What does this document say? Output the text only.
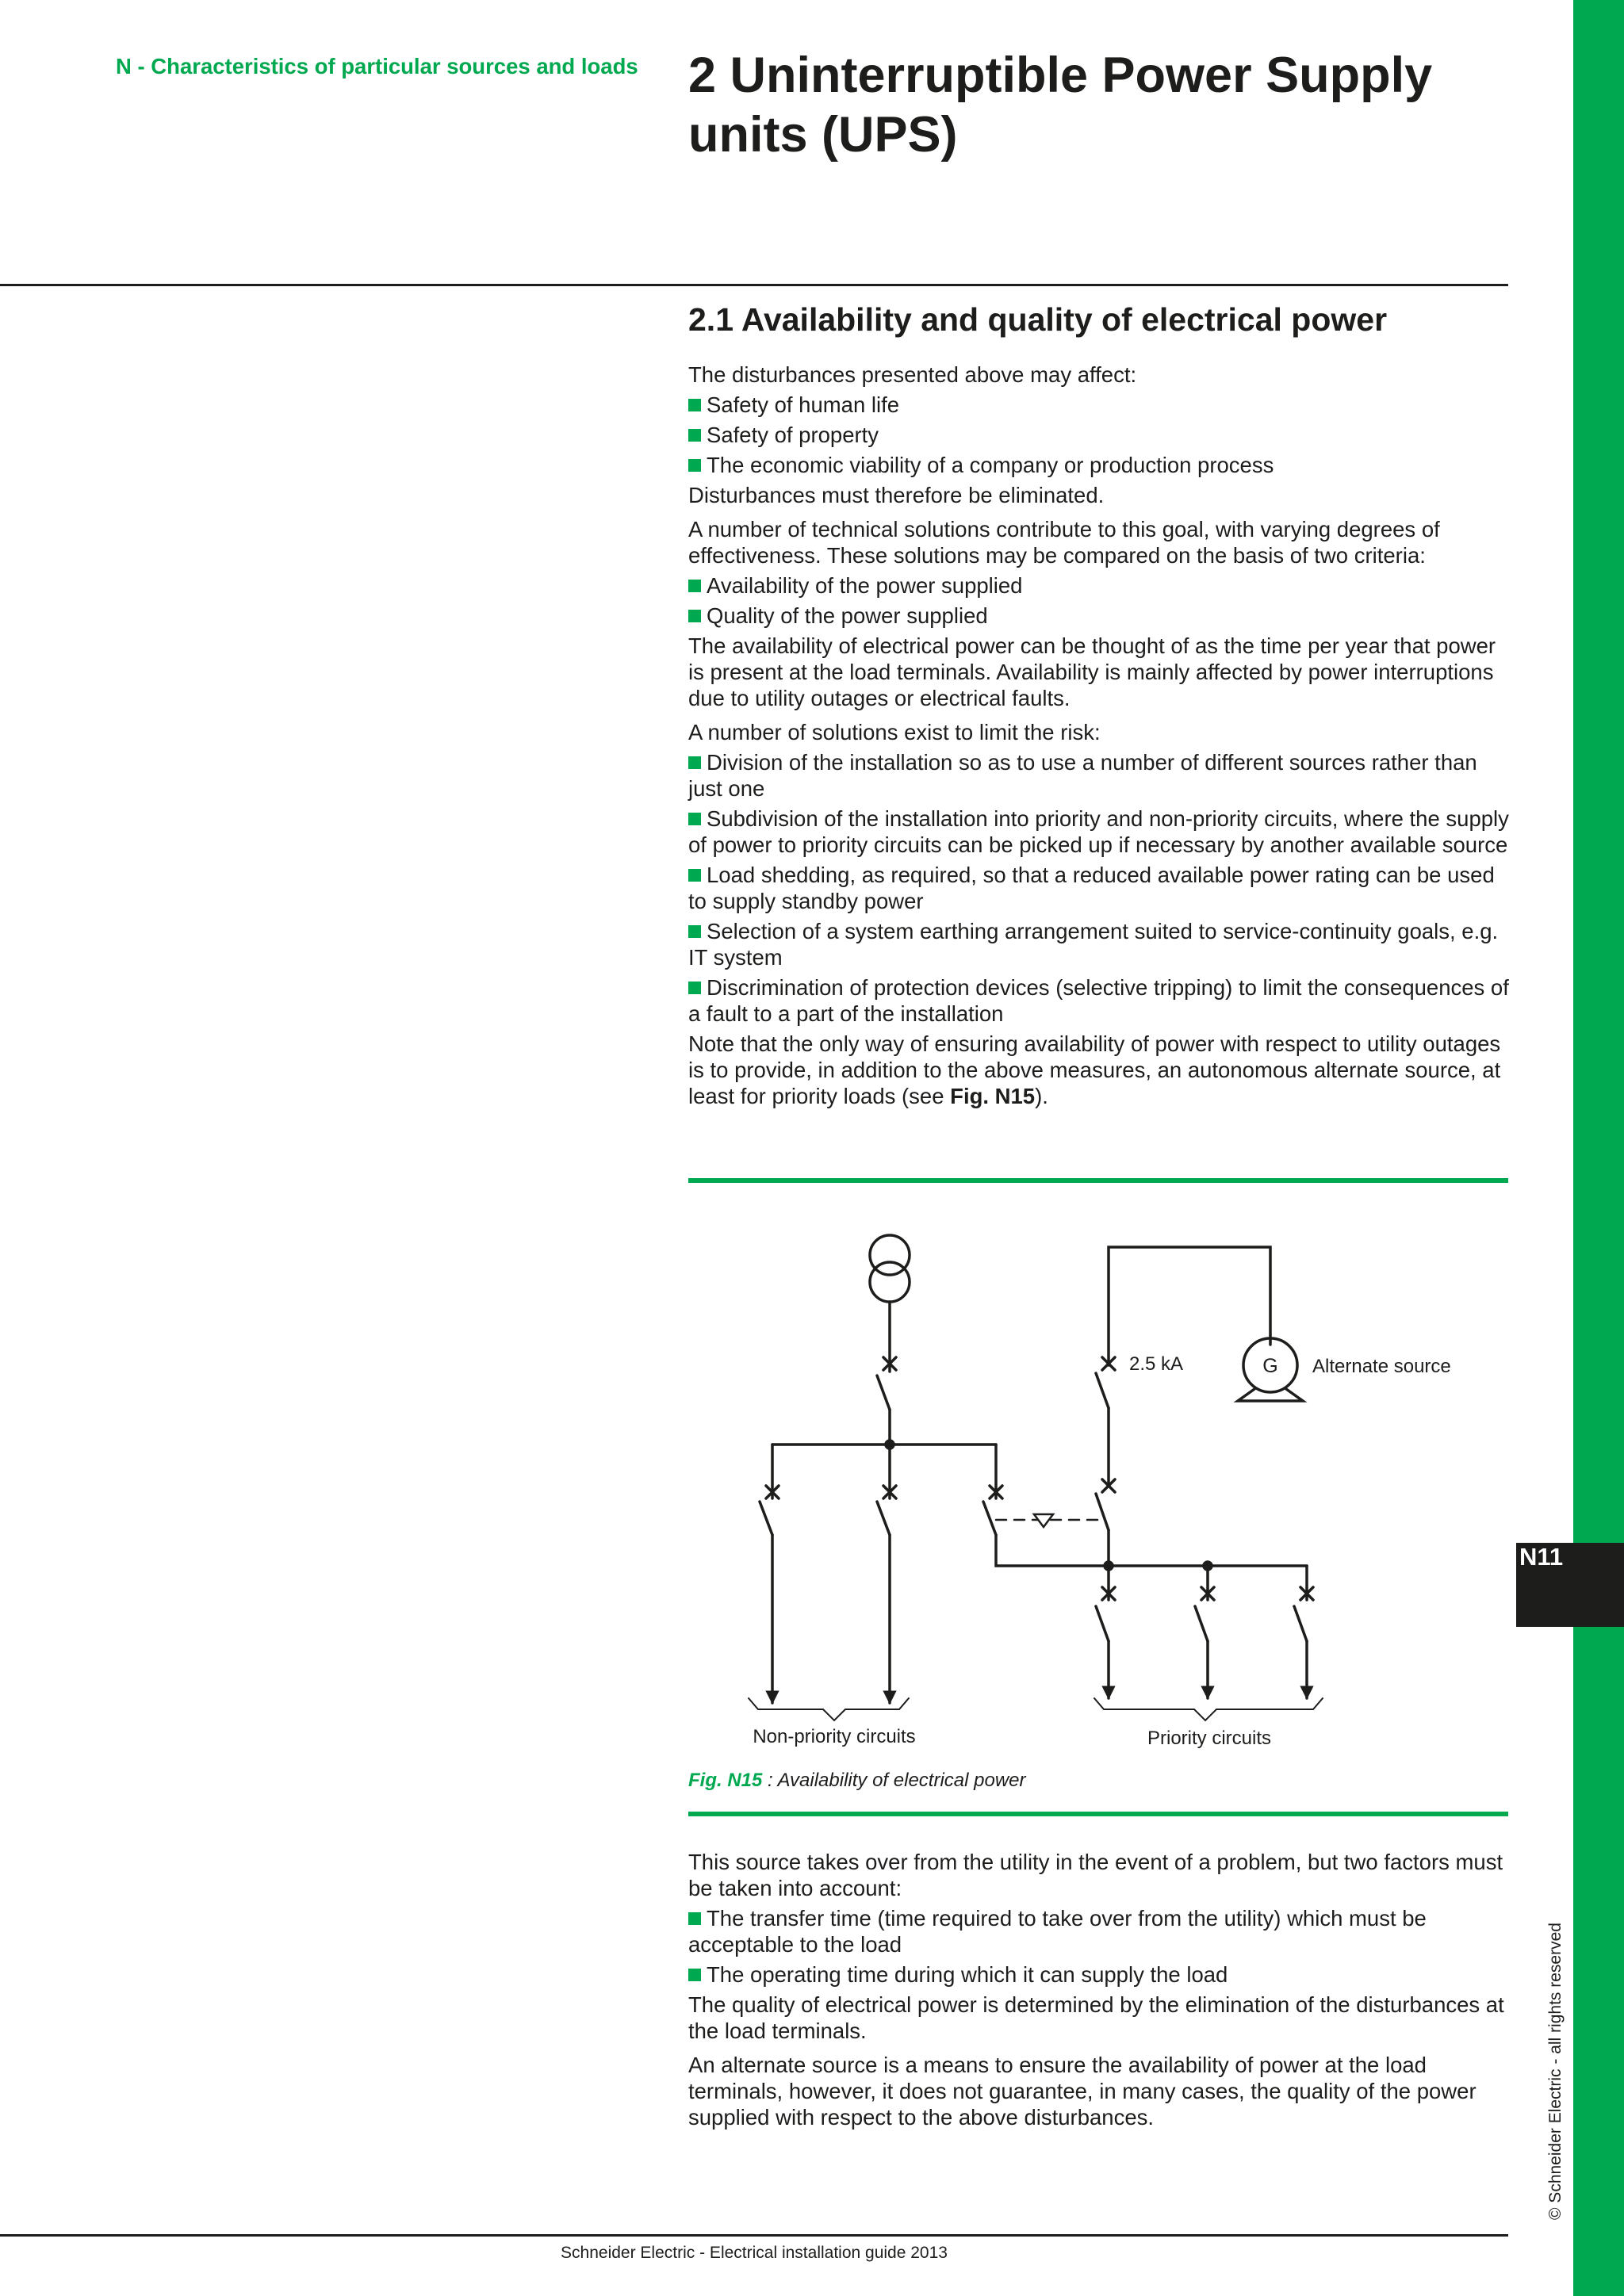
N11
© Schneider Electric - all rights reserved
N - Characteristics of particular sources and loads 2 Uninterruptible Power Supply units (UPS)
2.1 Availability and quality of electrical power

The disturbances presented above may affect:

Safety of human life

Safety of property

The economic viability of a company or production process

Disturbances must therefore be eliminated.

A number of technical solutions contribute to this goal, with varying degrees of effectiveness. These solutions may be compared on the basis of two criteria:

Availability of the power supplied

Quality of the power supplied

The availability of electrical power can be thought of as the time per year that power is present at the load terminals. Availability is mainly affected by power interruptions due to utility outages or electrical faults.

A number of solutions exist to limit the risk:

Division of the installation so as to use a number of different sources rather than just one

Subdivision of the installation into priority and non-priority circuits, where the supply of power to priority circuits can be picked up if necessary by another available source

Load shedding, as required, so that a reduced available power rating can be used to supply standby power

Selection of a system earthing arrangement suited to service-continuity goals, e.g. IT system

Discrimination of protection devices (selective tripping) to limit the consequences of a fault to a part of the installation

Note that the only way of ensuring availability of power with respect to utility outages is to provide, in addition to the above measures, an autonomous alternate source, at least for priority loads (see Fig. N15).

2.5 kA	G Alternate source
Non-priority circuits	Priority circuits
Fig. N15 : Availability of electrical power

This source takes over from the utility in the event of a problem, but two factors must be taken into account:

The transfer time (time required to take over from the utility) which must be acceptable to the load

The operating time during which it can supply the load

The quality of electrical power is determined by the elimination of the disturbances at the load terminals.

An alternate source is a means to ensure the availability of power at the load terminals, however, it does not guarantee, in many cases, the quality of the power supplied with respect to the above disturbances.

Schneider Electric - Electrical installation guide 2013
